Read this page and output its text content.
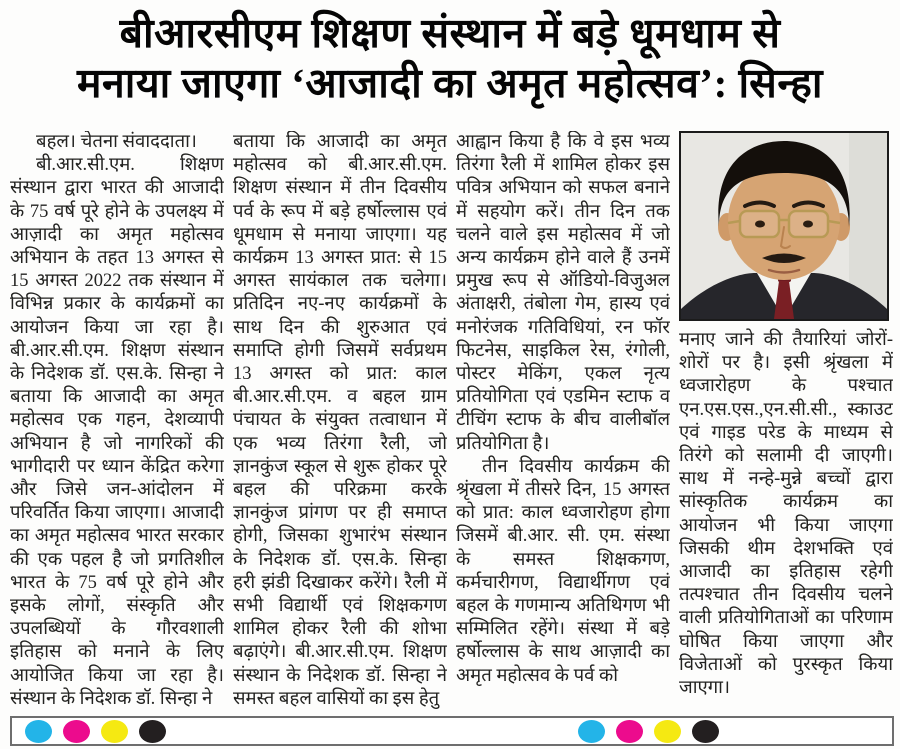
बीआरसीएम शिक्षण संस्थान में बड़े धूमधाम से
मनाया जाएगा ‘आजादी का अमृत महोत्सव’: सिन्हा

बहल। चेतना संवाददाता।

बी.आर.सी.एम. शिक्षण संस्थान द्वारा भारत की आजादी के 75 वर्ष पूरे होने के उपलक्ष्य में आज़ादी का अमृत महोत्सव अभियान के तहत 13 अगस्त से 15 अगस्त 2022 तक संस्थान में विभिन्न प्रकार के कार्यक्रमों का आयोजन किया जा रहा है। बी.आर.सी.एम. शिक्षण संस्थान के निदेशक डॉ. एस.के. सिन्हा ने बताया कि आजादी का अमृत महोत्सव एक गहन, देशव्यापी अभियान है जो नागरिकों की भागीदारी पर ध्यान केंद्रित करेगा और जिसे जन-आंदोलन में परिवर्तित किया जाएगा। आजादी का अमृत महोत्सव भारत सरकार की एक पहल है जो प्रगतिशील भारत के 75 वर्ष पूरे होने और इसके लोगों, संस्कृति और उपलब्धियों के गौरवशाली इतिहास को मनाने के लिए आयोजित किया जा रहा है। संस्थान के निदेशक डॉ. सिन्हा ने

बताया कि आजादी का अमृत महोत्सव को बी.आर.सी.एम. शिक्षण संस्थान में तीन दिवसीय पर्व के रूप में बड़े हर्षोल्लास एवं धूमधाम से मनाया जाएगा। यह कार्यक्रम 13 अगस्त प्रात: से 15 अगस्त सायंकाल तक चलेगा। प्रतिदिन नए-नए कार्यक्रमों के साथ दिन की शुरुआत एवं समाप्ति होगी जिसमें सर्वप्रथम 13 अगस्त को प्रात: काल बी.आर.सी.एम. व बहल ग्राम पंचायत के संयुक्त तत्वाधान में एक भव्य तिरंगा रैली, जो ज्ञानकुंज स्कूल से शुरू होकर पूरे बहल की परिक्रमा करके ज्ञानकुंज प्रांगण पर ही समाप्त होगी, जिसका शुभारंभ संस्थान के निदेशक डॉ. एस.के. सिन्हा हरी झंडी दिखाकर करेंगे। रैली में सभी विद्यार्थी एवं शिक्षकगण शामिल होकर रैली की शोभा बढ़ाएंगे। बी.आर.सी.एम. शिक्षण संस्थान के निदेशक डॉ. सिन्हा ने समस्त बहल वासियों का इस हेतु

आह्वान किया है कि वे इस भव्य तिरंगा रैली में शामिल होकर इस पवित्र अभियान को सफल बनाने में सहयोग करें। तीन दिन तक चलने वाले इस महोत्सव में जो अन्य कार्यक्रम होने वाले हैं उनमें प्रमुख रूप से ऑडियो-विजुअल अंताक्षरी, तंबोला गेम, हास्य एवं मनोरंजक गतिविधियां, रन फॉर फिटनेस, साइकिल रेस, रंगोली, पोस्टर मेकिंग, एकल नृत्य प्रतियोगिता एवं एडमिन स्टाफ व टीचिंग स्टाफ के बीच वालीबॉल प्रतियोगिता है।

तीन दिवसीय कार्यक्रम की श्रृंखला में तीसरे दिन, 15 अगस्त को प्रात: काल ध्वजारोहण होगा जिसमें बी.आर. सी. एम. संस्था के समस्त शिक्षकगण, कर्मचारीगण, विद्यार्थीगण एवं बहल के गणमान्य अतिथिगण भी सम्मिलित रहेंगे। संस्था में बड़े हर्षोल्लास के साथ आज़ादी का अमृत महोत्सव के पर्व को

मनाए जाने की तैयारियां जोरों-शोरों पर है। इसी श्रृंखला में ध्वजारोहण के पश्चात एन.एस.एस.,एन.सी.सी., स्काउट एवं गाइड परेड के माध्यम से तिरंगे को सलामी दी जाएगी। साथ में नन्हे-मुन्ने बच्चों द्वारा सांस्कृतिक कार्यक्रम का आयोजन भी किया जाएगा जिसकी थीम देशभक्ति एवं आजादी का इतिहास रहेगी तत्पश्चात तीन दिवसीय चलने वाली प्रतियोगिताओं का परिणाम घोषित किया जाएगा और विजेताओं को पुरस्कृत किया जाएगा।
